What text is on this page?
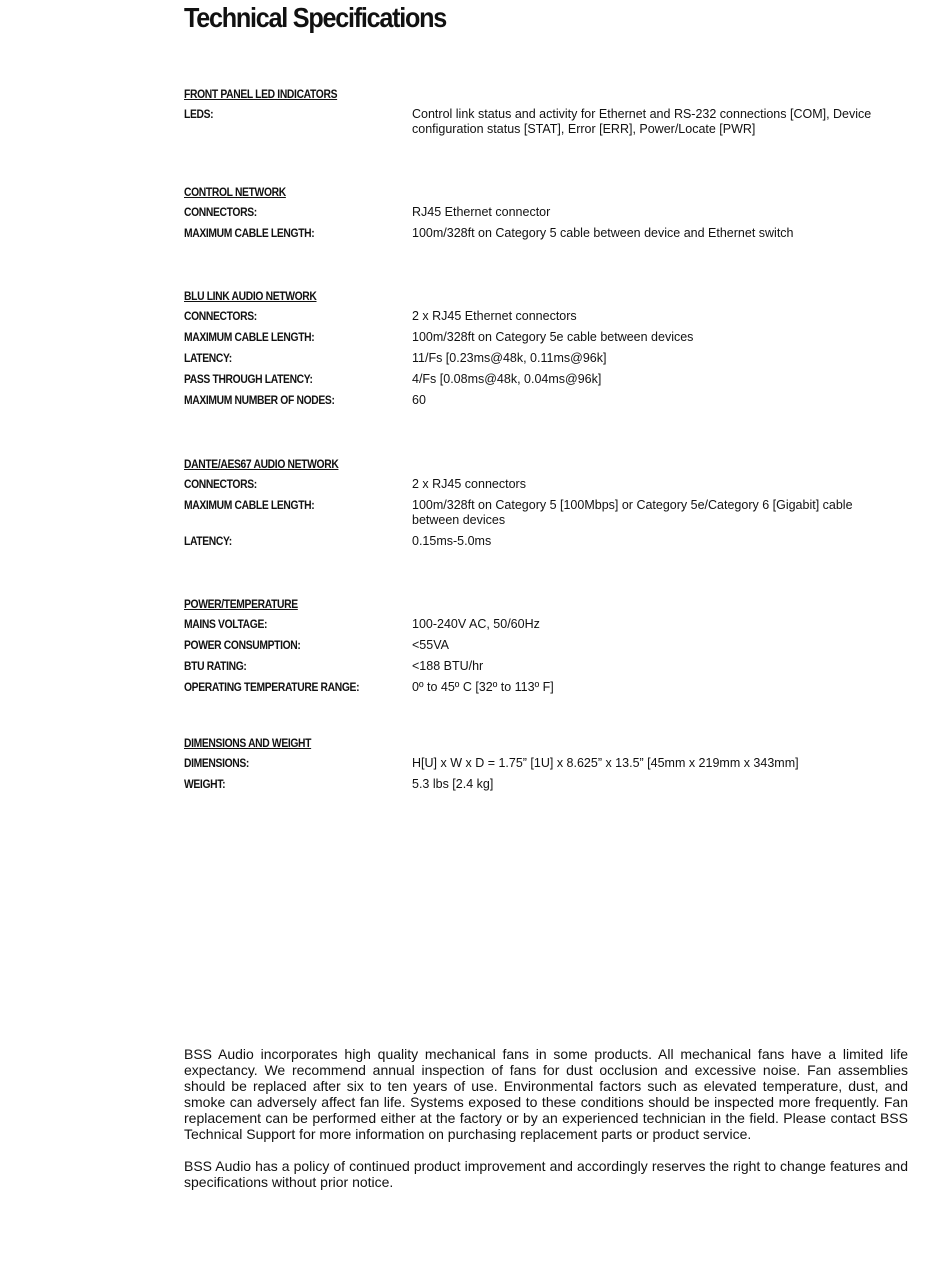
Technical Specifications
FRONT PANEL LED INDICATORS
LEDS:	Control link status and activity for Ethernet and RS-232 connections [COM], Device configuration status [STAT], Error [ERR], Power/Locate [PWR]
CONTROL NETWORK
CONNECTORS:	RJ45 Ethernet connector
MAXIMUM CABLE LENGTH:	100m/328ft on Category 5 cable between device and Ethernet switch
BLU LINK AUDIO NETWORK
CONNECTORS:	2 x RJ45 Ethernet connectors
MAXIMUM CABLE LENGTH:	100m/328ft on Category 5e cable between devices
LATENCY:	11/Fs [0.23ms@48k, 0.11ms@96k]
PASS THROUGH LATENCY:	4/Fs [0.08ms@48k, 0.04ms@96k]
MAXIMUM NUMBER OF NODES:	60
DANTE/AES67 AUDIO NETWORK
CONNECTORS:	2 x RJ45 connectors
MAXIMUM CABLE LENGTH:	100m/328ft on Category 5 [100Mbps] or Category 5e/Category 6 [Gigabit] cable between devices
LATENCY:	0.15ms-5.0ms
POWER/TEMPERATURE
MAINS VOLTAGE:	100-240V AC, 50/60Hz
POWER CONSUMPTION:	<55VA
BTU RATING:	<188 BTU/hr
OPERATING TEMPERATURE RANGE:	0º to 45º C [32º to 113º F]
DIMENSIONS AND WEIGHT
DIMENSIONS:	H[U] x W x D = 1.75” [1U] x 8.625” x 13.5” [45mm x 219mm x 343mm]
WEIGHT:	5.3 lbs [2.4 kg]

BSS Audio incorporates high quality mechanical fans in some products. All mechanical fans have a limited life expectancy. We recommend annual inspection of fans for dust occlusion and excessive noise. Fan assemblies should be replaced after six to ten years of use. Environmental factors such as elevated temperature, dust, and smoke can adversely affect fan life. Systems exposed to these conditions should be inspected more frequently. Fan replacement can be performed either at the factory or by an experienced technician in the field. Please contact BSS Technical Support for more information on purchasing replacement parts or product service.

BSS Audio has a policy of continued product improvement and accordingly reserves the right to change features and specifications without prior notice.
